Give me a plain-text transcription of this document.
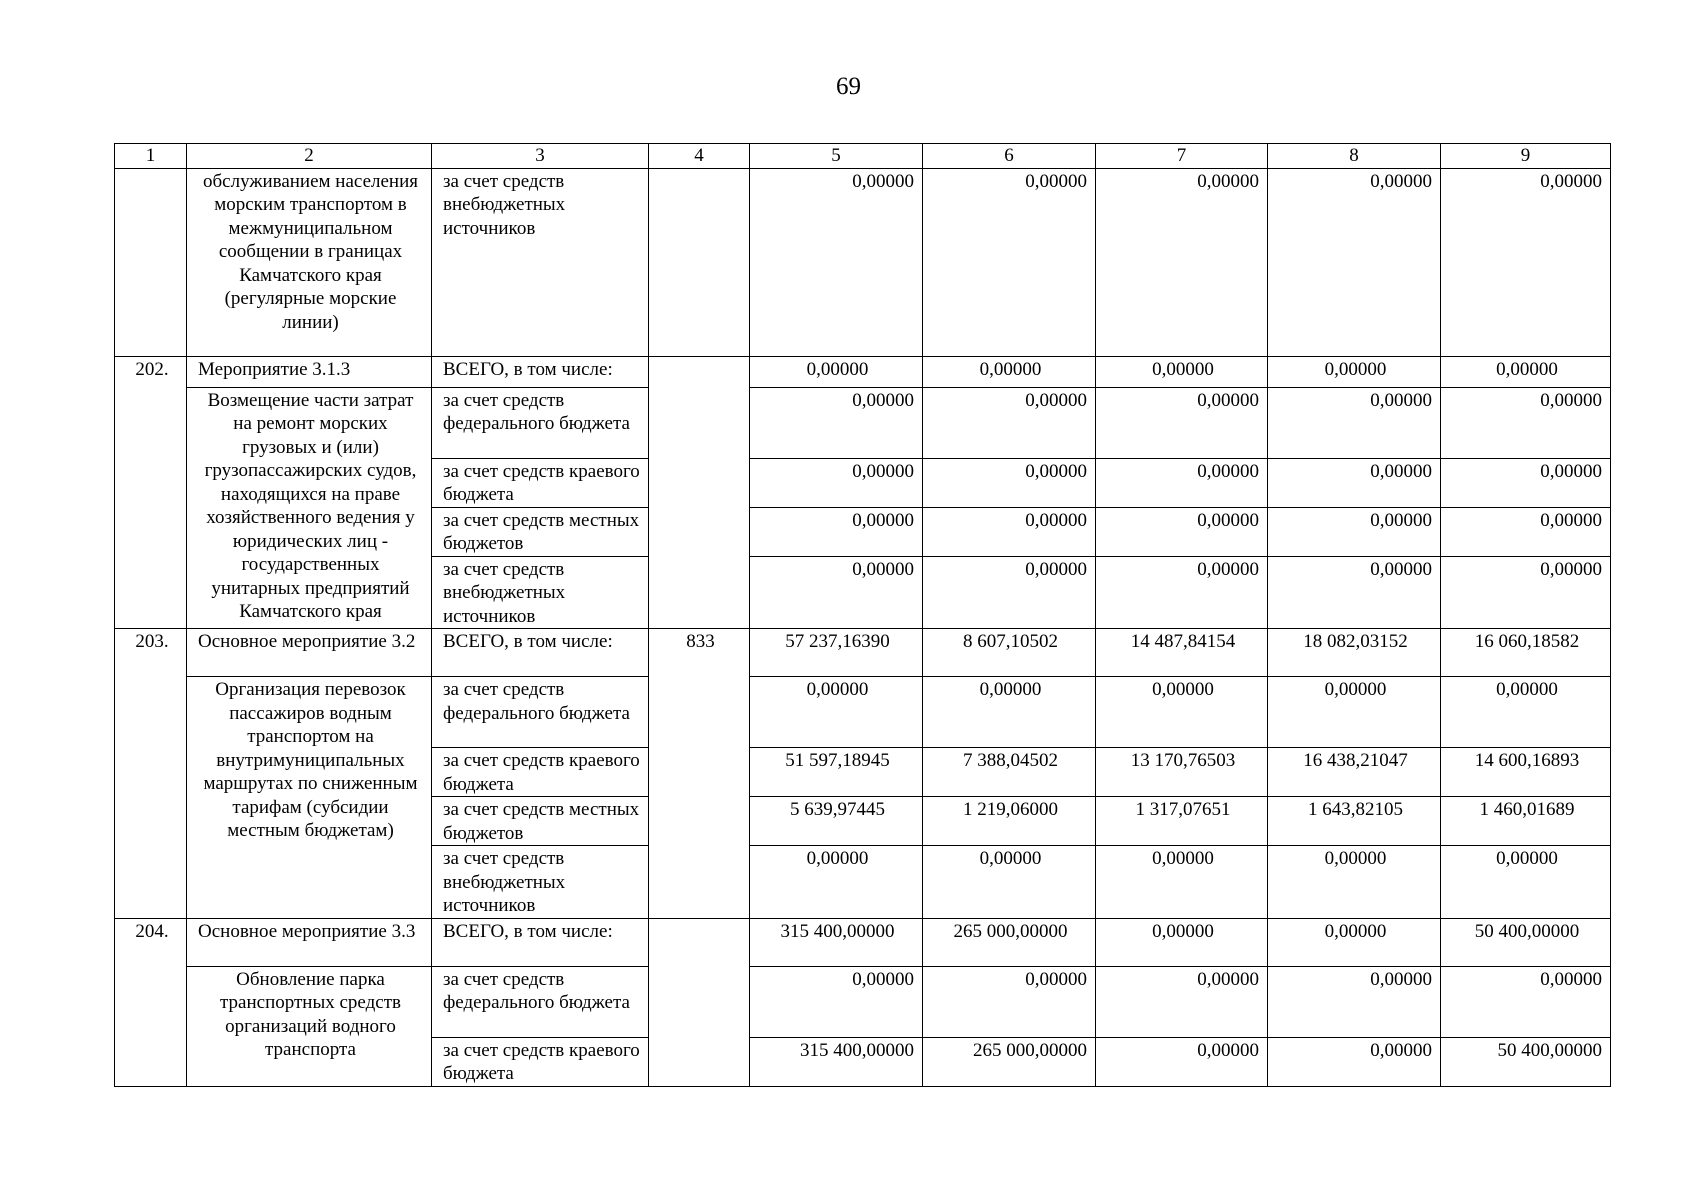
69
1	2	3	4	5	6	7	8	9
	обслуживанием населения морским транспортом в межмуниципальном сообщении в границах Камчатского края (регулярные морские линии)	за счет средств внебюджетных источников		0,00000	0,00000	0,00000	0,00000	0,00000
202.	Мероприятие 3.1.3	ВСЕГО, в том числе:		0,00000	0,00000	0,00000	0,00000	0,00000
	Возмещение части затрат на ремонт морских грузовых и (или) грузопассажирских судов, находящихся на праве хозяйственного ведения у юридических лиц - государственных унитарных предприятий Камчатского края	за счет средств федерального бюджета		0,00000	0,00000	0,00000	0,00000	0,00000
		за счет средств краевого бюджета		0,00000	0,00000	0,00000	0,00000	0,00000
		за счет средств местных бюджетов		0,00000	0,00000	0,00000	0,00000	0,00000
		за счет средств внебюджетных источников		0,00000	0,00000	0,00000	0,00000	0,00000
203.	Основное мероприятие 3.2	ВСЕГО, в том числе:	833	57 237,16390	8 607,10502	14 487,84154	18 082,03152	16 060,18582
	Организация перевозок пассажиров водным транспортом на внутримуниципальных маршрутах по сниженным тарифам (субсидии местным бюджетам)	за счет средств федерального бюджета		0,00000	0,00000	0,00000	0,00000	0,00000
		за счет средств краевого бюджета		51 597,18945	7 388,04502	13 170,76503	16 438,21047	14 600,16893
		за счет средств местных бюджетов		5 639,97445	1 219,06000	1 317,07651	1 643,82105	1 460,01689
		за счет средств внебюджетных источников		0,00000	0,00000	0,00000	0,00000	0,00000
204.	Основное мероприятие 3.3	ВСЕГО, в том числе:		315 400,00000	265 000,00000	0,00000	0,00000	50 400,00000
	Обновление парка транспортных средств организаций водного транспорта	за счет средств федерального бюджета		0,00000	0,00000	0,00000	0,00000	0,00000
		за счет средств краевого бюджета		315 400,00000	265 000,00000	0,00000	0,00000	50 400,00000
